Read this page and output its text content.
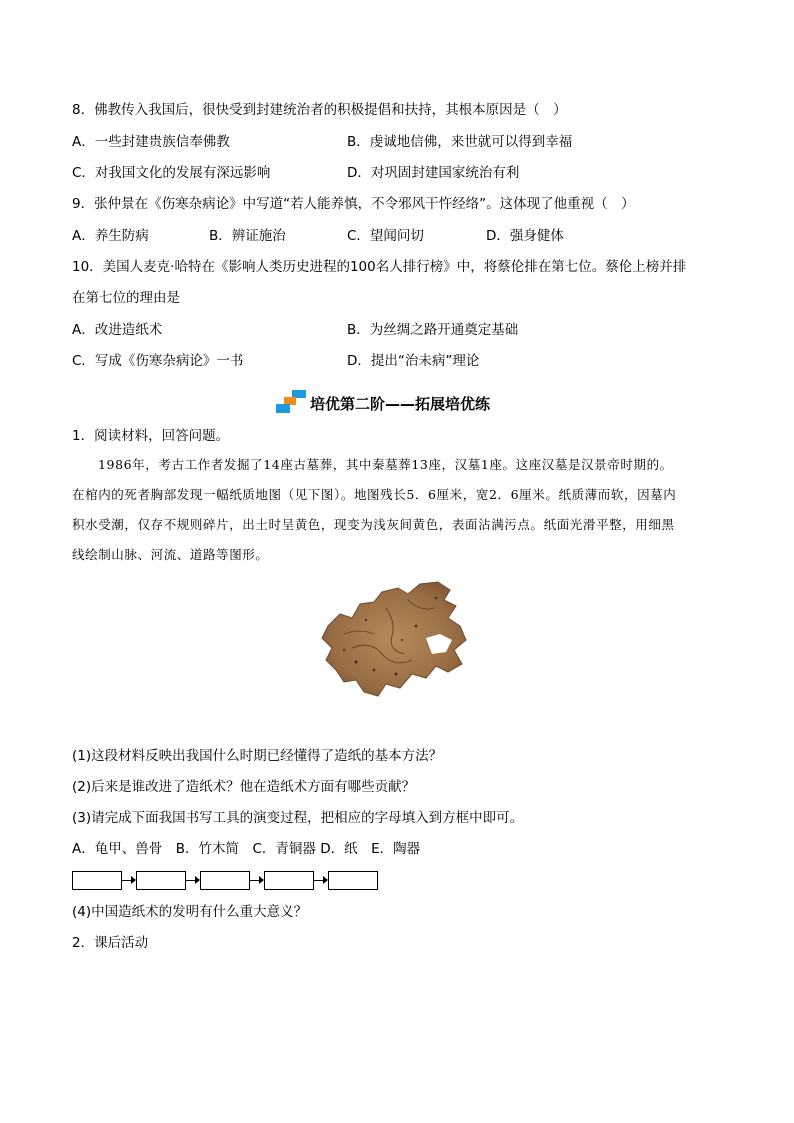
8．佛教传入我国后，很快受到封建统治者的积极提倡和扶持，其根本原因是（　）
A．一些封建贵族信奉佛教	B．虔诚地信佛，来世就可以得到幸福
C．对我国文化的发展有深远影响	D．对巩固封建国家统治有利
9．张仲景在《伤寒杂病论》中写道“若人能养慎，不令邪风干忤经络”。这体现了他重视（　）
A．养生防病	B．辨证施治	C．望闻问切	D．强身健体
10．美国人麦克·哈特在《影响人类历史进程的100名人排行榜》中，将蔡伦排在第七位。蔡伦上榜并排
在第七位的理由是
A．改进造纸术	B．为丝绸之路开通奠定基础
C．写成《伤寒杂病论》一书	D．提出“治未病”理论
培优第二阶——拓展培优练
1．阅读材料，回答问题。

1986年，考古工作者发掘了14座古墓葬，其中秦墓葬13座，汉墓1座。这座汉墓是汉景帝时期的。

在棺内的死者胸部发现一幅纸质地图（见下图）。地图残长5．6厘米，宽2．6厘米。纸质薄而软，因墓内

积水受潮，仅存不规则碎片，出土时呈黄色，现变为浅灰间黄色，表面沾满污点。纸面光滑平整，用细黑

线绘制山脉、河流、道路等图形。

(1)这段材料反映出我国什么时期已经懂得了造纸的基本方法？
(2)后来是谁改进了造纸术？他在造纸术方面有哪些贡献？
(3)请完成下面我国书写工具的演变过程，把相应的字母填入到方框中即可。
A．龟甲、兽骨　B．竹木简　C．青铜器 D．纸　E．陶器
(4)中国造纸术的发明有什么重大意义？
2．课后活动
